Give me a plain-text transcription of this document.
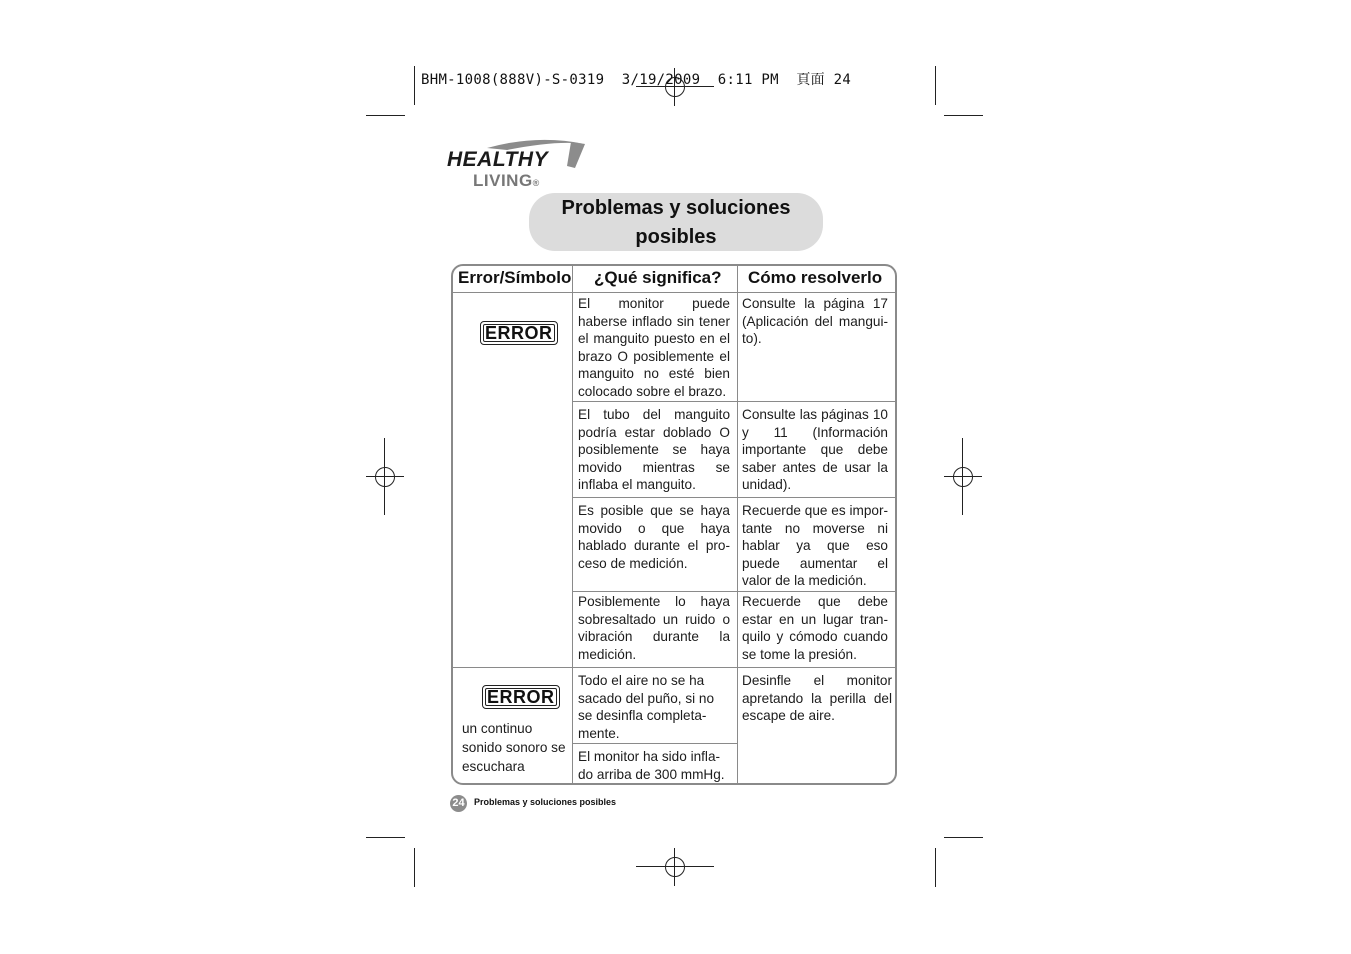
BHM-1008(888V)-S-0319  3/19/2009  6:11 PM  頁面 24
HEALTHY
LIVING®
Problemas y soluciones
posibles
Error/Símbolo ¿Qué significa? Cómo resolverlo
ERROR
El monitor puede haberse inflado sin tener el manguito puesto en el brazo O posiblemente el manguito no esté bien colocado sobre el brazo.
Consulte la página 17 (Aplicación del mangui-to).
El tubo del manguito podría estar doblado O posiblemente se haya movido mientras se inflaba el manguito.
Consulte las páginas 10 y 11 (Información importante que debe saber antes de usar la unidad).
Es posible que se haya movido o que haya hablado durante el pro-ceso de medición.
Recuerde que es impor-tante no moverse ni hablar ya que eso puede aumentar el valor de la medición.
Posiblemente lo haya sobresaltado un ruido o vibración durante la medición.
Recuerde que debe estar en un lugar tran-quilo y cómodo cuando se tome la presión.
ERROR
un continuo sonido sonoro se escuchara
Todo el aire no se ha sacado del puño, si no se desinfla completa-mente.
Desinfle el monitor apretando la perilla del escape de aire.
El monitor ha sido infla-do arriba de 300 mmHg.
24 Problemas y soluciones posibles
